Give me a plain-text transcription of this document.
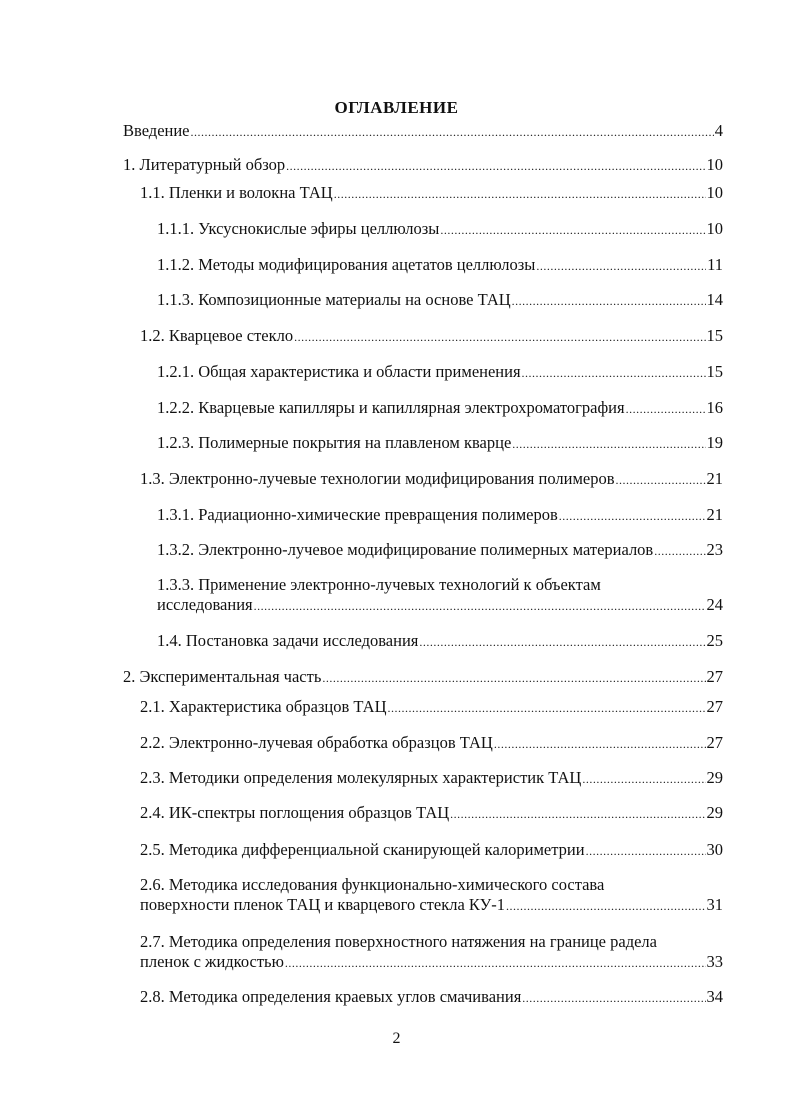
ОГЛАВЛЕНИЕ
Введение .....	4
1. Литературный обзор .....	10
1.1. Пленки и волокна ТАЦ .....	10
1.1.1. Уксуснокислые эфиры целлюлозы .....	10
1.1.2. Методы модифицирования ацетатов целлюлозы .....	11
1.1.3. Композиционные материалы на основе ТАЦ .....	14
1.2. Кварцевое стекло .....	15
1.2.1. Общая характеристика и области применения .....	15
1.2.2. Кварцевые капилляры и капиллярная электрохроматография .....	16
1.2.3. Полимерные покрытия на плавленом кварце .....	19
1.3. Электронно-лучевые технологии модифицирования полимеров .....	21
1.3.1. Радиационно-химические превращения полимеров .....	21
1.3.2. Электронно-лучевое модифицирование полимерных материалов .....	23
1.3.3. Применение электронно-лучевых технологий к объектам
исследования .....	24
1.4. Постановка задачи исследования .....	25
2. Экспериментальная часть .....	27
2.1. Характеристика образцов ТАЦ .....	27
2.2. Электронно-лучевая обработка образцов ТАЦ .....	27
2.3. Методики определения молекулярных характеристик ТАЦ .....	29
2.4. ИК-спектры поглощения образцов ТАЦ .....	29
2.5. Методика дифференциальной сканирующей калориметрии .....	30
2.6. Методика исследования функционально-химического состава
поверхности пленок ТАЦ и кварцевого стекла КУ-1 .....	31
2.7. Методика определения поверхностного натяжения на границе радела
пленок с жидкостью .....	33
2.8. Методика определения краевых углов смачивания .....	34
2
